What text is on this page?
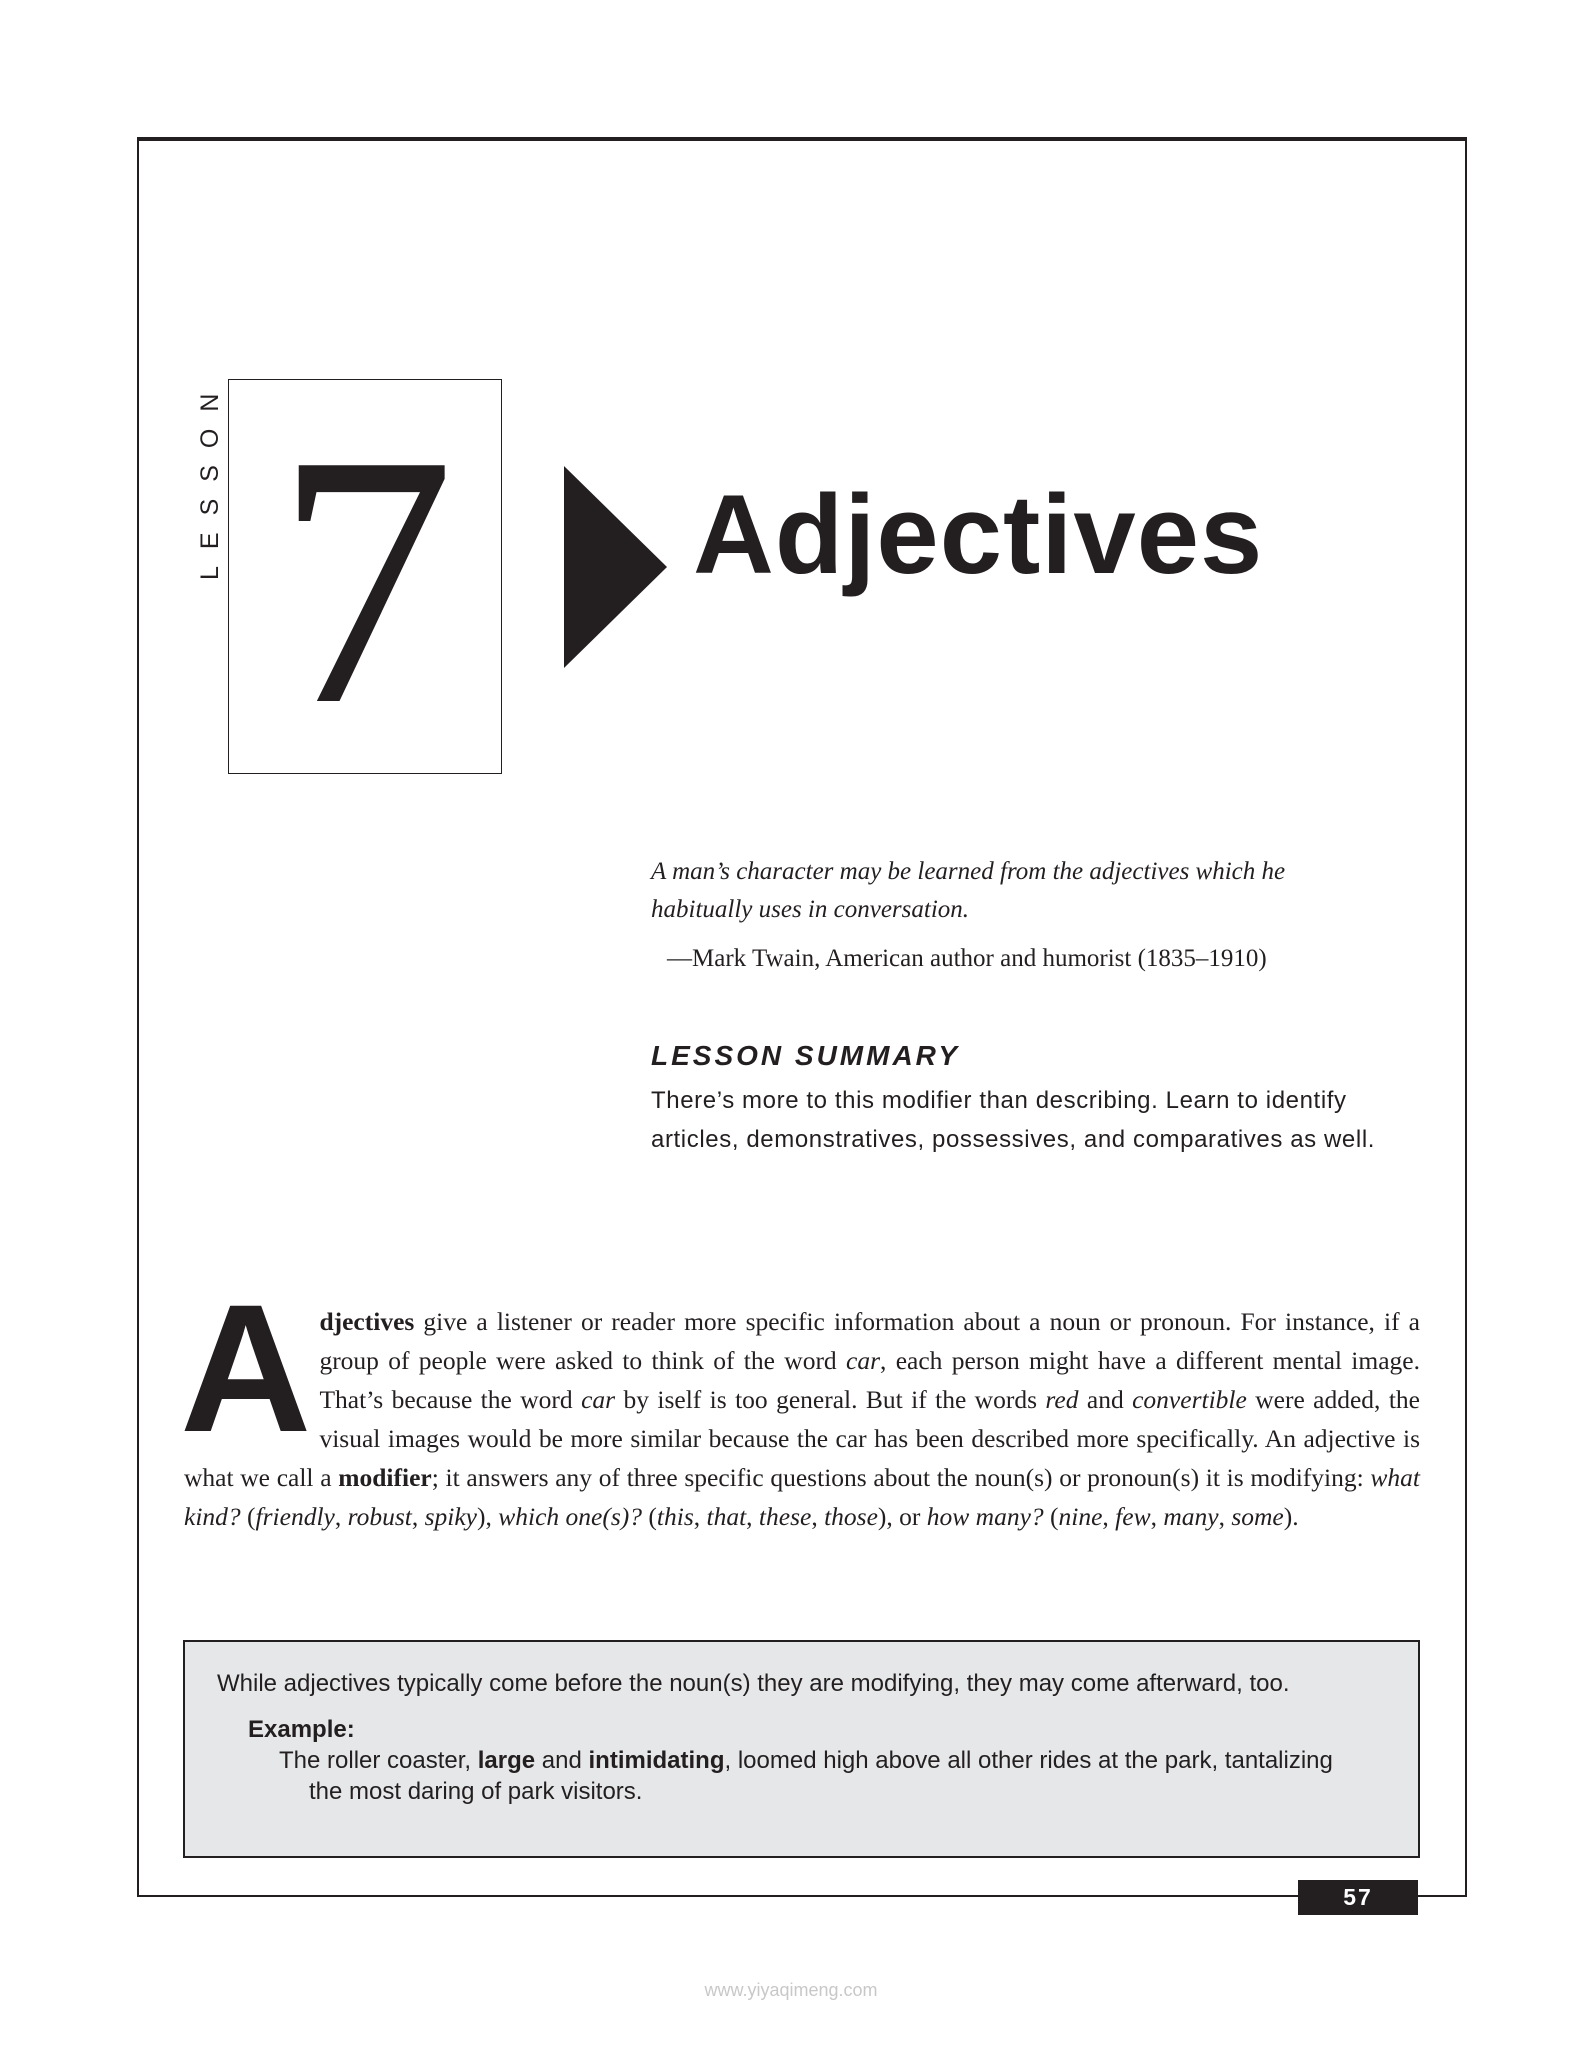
LESSON 7	Adjectives
A man’s character may be learned from the adjectives which he habitually uses in conversation.
—Mark Twain, American author and humorist (1835–1910)
LESSON SUMMARY
There’s more to this modifier than describing. Learn to identify articles, demonstratives, possessives, and comparatives as well.
Adjectives give a listener or reader more specific information about a noun or pronoun. For instance, if a group of people were asked to think of the word car, each person might have a different mental image. That’s because the word car by iself is too general. But if the words red and convertible were added, the visual images would be more similar because the car has been described more specifically. An adjective is what we call a modifier; it answers any of three specific questions about the noun(s) or pronoun(s) it is modifying: what kind? (friendly, robust, spiky), which one(s)? (this, that, these, those), or how many? (nine, few, many, some).
While adjectives typically come before the noun(s) they are modifying, they may come afterward, too.
Example:
The roller coaster, large and intimidating, loomed high above all other rides at the park, tantalizing
the most daring of park visitors.
57
www.yiyaqimeng.com
